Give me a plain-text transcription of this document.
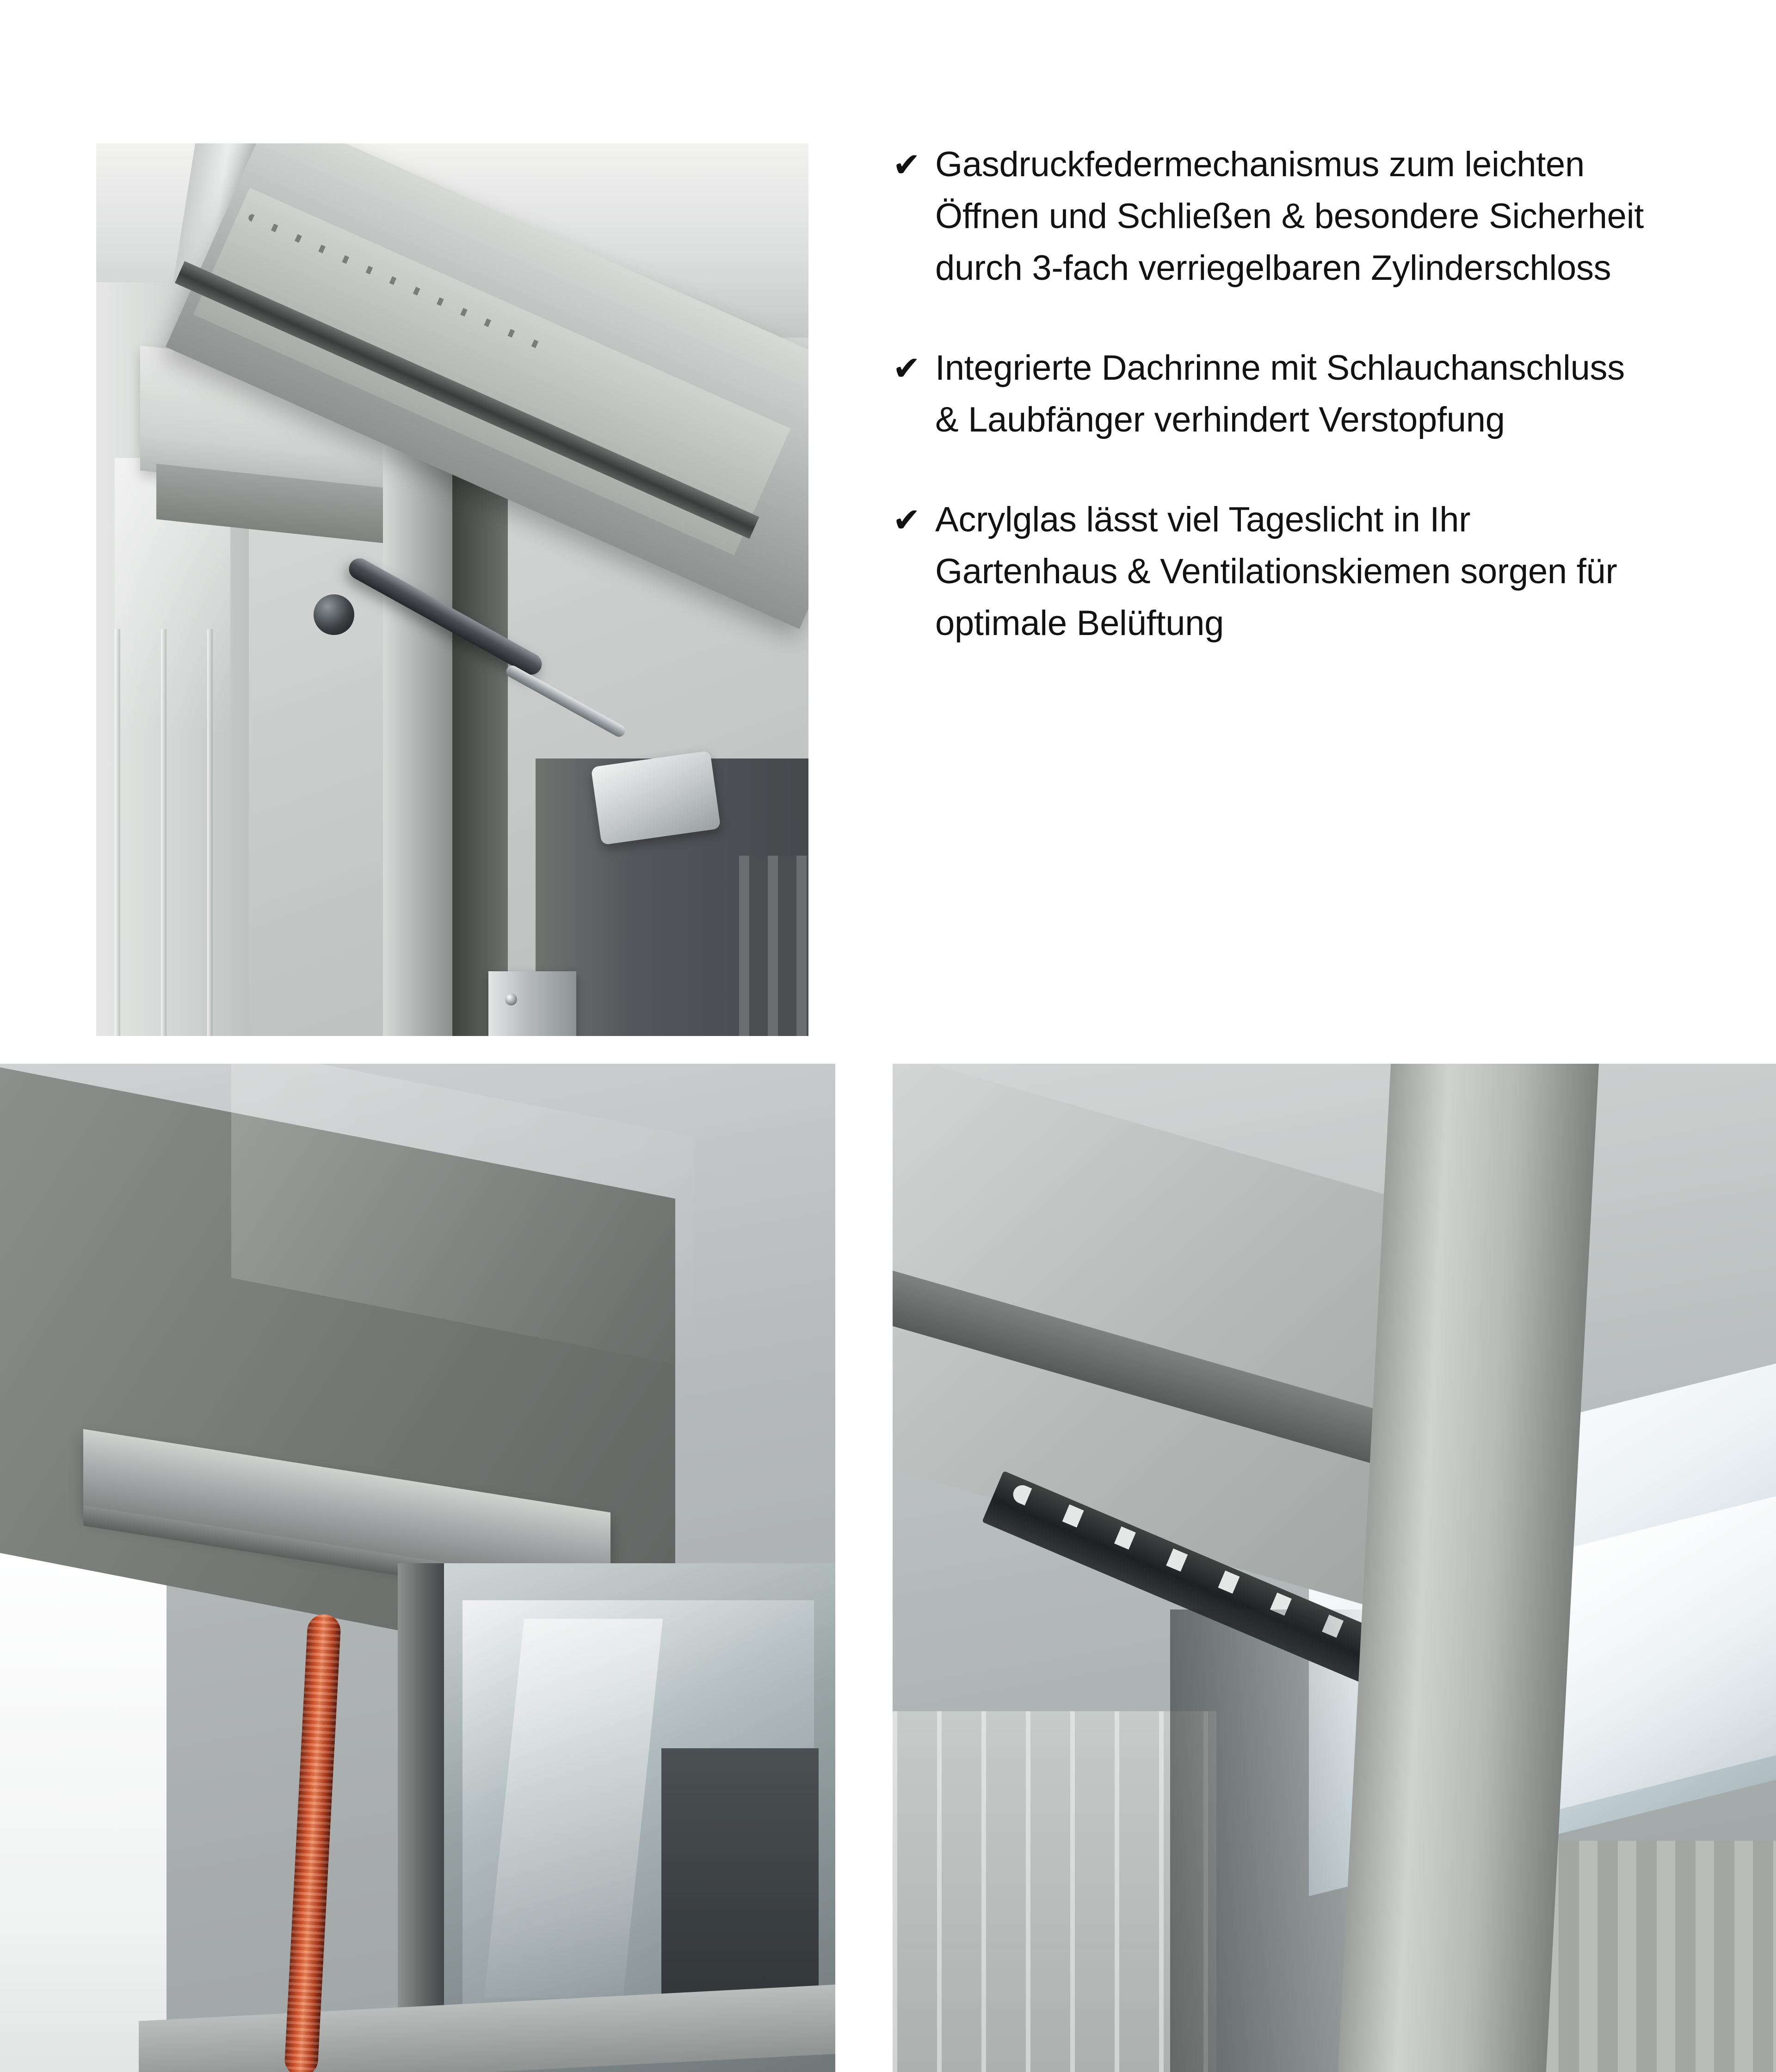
✔ Gasdruckfedermechanismus zum leichten Öffnen und Schließen & besondere Sicherheit durch 3-fach verriegelbaren Zylinderschloss
✔ Integrierte Dachrinne mit Schlauchanschluss & Laubfänger verhindert Verstopfung
✔ Acrylglas lässt viel Tageslicht in Ihr Gartenhaus & Ventilationskiemen sorgen für optimale Belüftung
